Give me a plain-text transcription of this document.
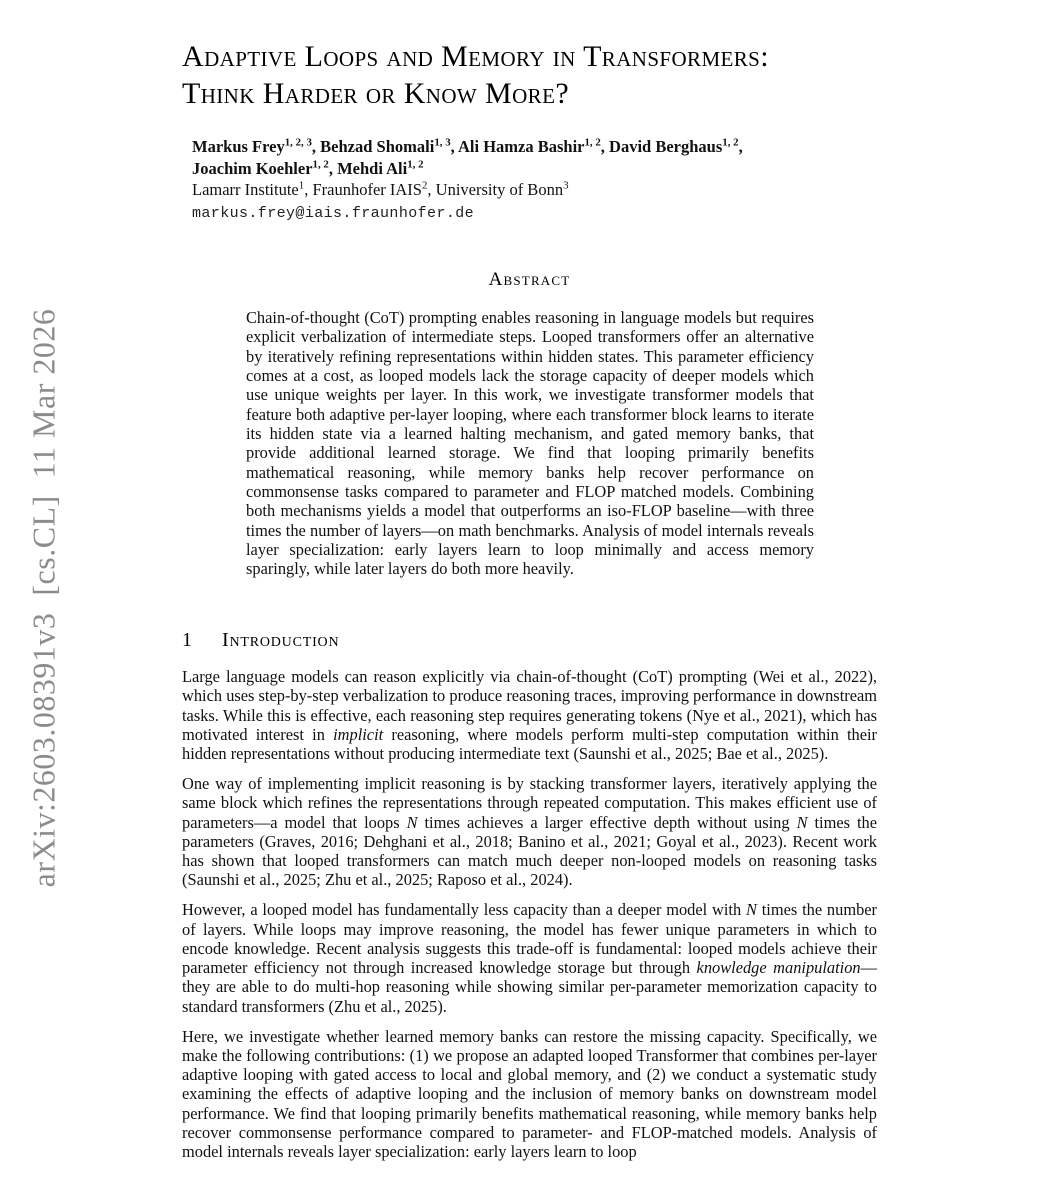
arXiv:2603.08391v3  [cs.CL]  11 Mar 2026
Adaptive Loops and Memory in Transformers:
Think Harder or Know More?
Markus Frey$^{1, 2, 3}$, Behzad Shomali$^{1, 3}$, Ali Hamza Bashir$^{1, 2}$, David Berghaus$^{1, 2}$,
Joachim Koehler$^{1, 2}$, Mehdi Ali$^{1, 2}$
Lamarr Institute$^1$, Fraunhofer IAIS$^2$, University of Bonn$^3$
markus.frey@iais.fraunhofer.de
Abstract
Chain-of-thought (CoT) prompting enables reasoning in language models but requires explicit verbalization of intermediate steps. Looped transformers offer an alternative by iteratively refining representations within hidden states. This parameter efficiency comes at a cost, as looped models lack the storage capacity of deeper models which use unique weights per layer. In this work, we investigate transformer models that feature both adaptive per-layer looping, where each transformer block learns to iterate its hidden state via a learned halting mechanism, and gated memory banks, that provide additional learned storage. We find that looping primarily benefits mathematical reasoning, while memory banks help recover performance on commonsense tasks compared to parameter and FLOP matched models. Combining both mechanisms yields a model that outperforms an iso-FLOP baseline—with three times the number of layers—on math benchmarks. Analysis of model internals reveals layer specialization: early layers learn to loop minimally and access memory sparingly, while later layers do both more heavily.
1 Introduction

Large language models can reason explicitly via chain-of-thought (CoT) prompting (Wei et al., 2022), which uses step-by-step verbalization to produce reasoning traces, improving performance in downstream tasks. While this is effective, each reasoning step requires generating tokens (Nye et al., 2021), which has motivated interest in implicit reasoning, where models perform multi-step computation within their hidden representations without producing intermediate text (Saunshi et al., 2025; Bae et al., 2025).

One way of implementing implicit reasoning is by stacking transformer layers, iteratively applying the same block which refines the representations through repeated computation. This makes efficient use of parameters—a model that loops N times achieves a larger effective depth without using N times the parameters (Graves, 2016; Dehghani et al., 2018; Banino et al., 2021; Goyal et al., 2023). Recent work has shown that looped transformers can match much deeper non-looped models on reasoning tasks (Saunshi et al., 2025; Zhu et al., 2025; Raposo et al., 2024).

However, a looped model has fundamentally less capacity than a deeper model with N times the number of layers. While loops may improve reasoning, the model has fewer unique parameters in which to encode knowledge. Recent analysis suggests this trade-off is fundamental: looped models achieve their parameter efficiency not through increased knowledge storage but through knowledge manipulation—they are able to do multi-hop reasoning while showing similar per-parameter memorization capacity to standard transformers (Zhu et al., 2025).

Here, we investigate whether learned memory banks can restore the missing capacity. Specifically, we make the following contributions: (1) we propose an adapted looped Transformer that combines per-layer adaptive looping with gated access to local and global memory, and (2) we conduct a systematic study examining the effects of adaptive looping and the inclusion of memory banks on downstream model performance. We find that looping primarily benefits mathematical reasoning, while memory banks help recover commonsense performance compared to parameter- and FLOP-matched models. Analysis of model internals reveals layer specialization: early layers learn to loop
